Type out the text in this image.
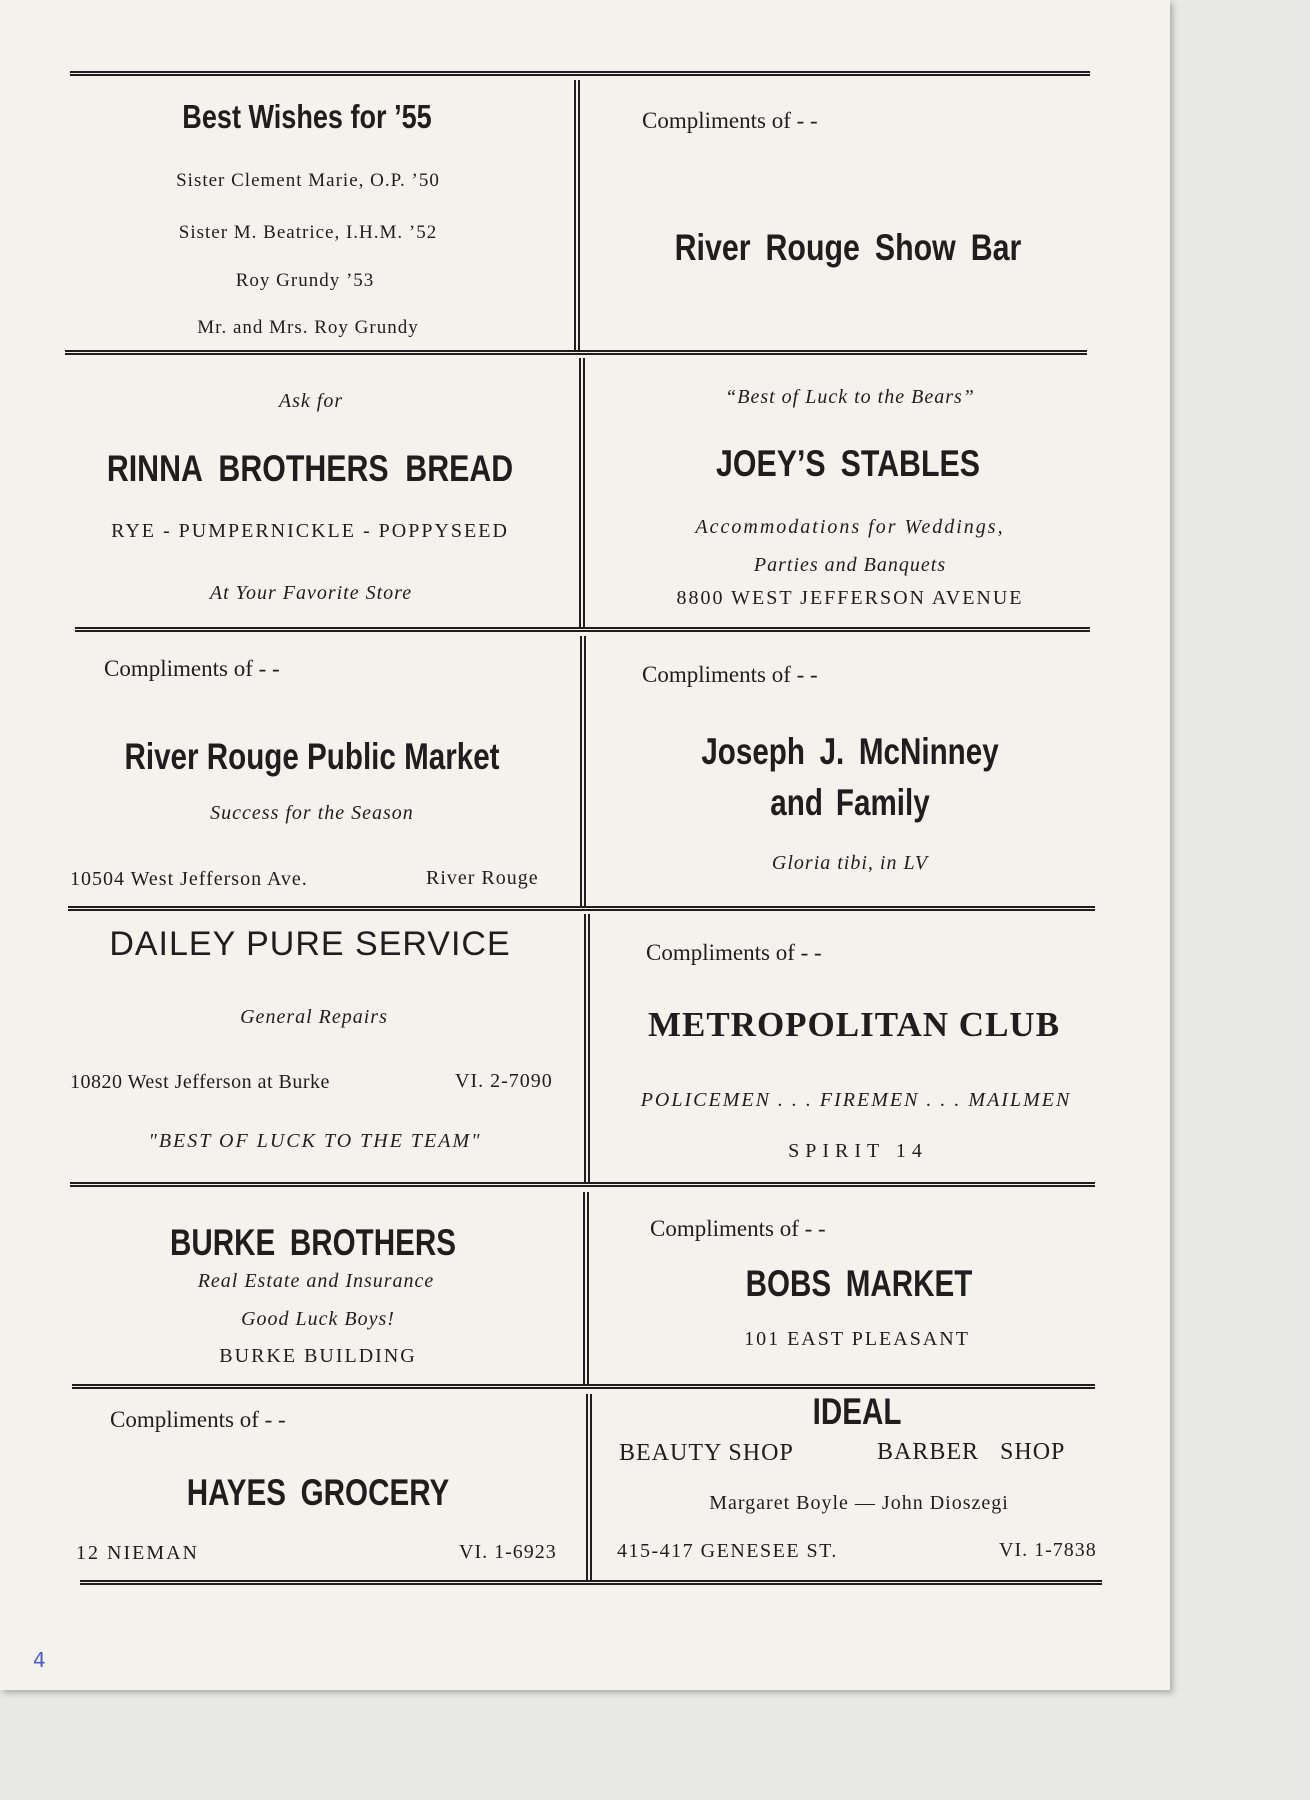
Best Wishes for ’55
Sister Clement Marie, O.P. ’50
Sister M. Beatrice, I.H.M. ’52
Roy Grundy ’53
Mr. and Mrs. Roy Grundy
Compliments of - -
River Rouge Show Bar
Ask for
RINNA BROTHERS BREAD
RYE - PUMPERNICKLE - POPPYSEED
At Your Favorite Store
“Best of Luck to the Bears”
JOEY’S STABLES
Accommodations for Weddings,
Parties and Banquets
8800 WEST JEFFERSON AVENUE
Compliments of - -
River Rouge Public Market
Success for the Season
10504 West Jefferson Ave.	River Rouge
Compliments of - -
Joseph J. McNinney
and Family
Gloria tibi, in LV
DAILEY PURE SERVICE
General Repairs
10820 West Jefferson at Burke	VI. 2-7090
"BEST OF LUCK TO THE TEAM"
Compliments of - -
METROPOLITAN CLUB
POLICEMEN . . . FIREMEN . . . MAILMEN
SPIRIT 14
BURKE BROTHERS
Real Estate and Insurance
Good Luck Boys!
BURKE BUILDING
Compliments of - -
BOBS MARKET
101 EAST PLEASANT
Compliments of - -
HAYES GROCERY
12 NIEMAN	VI. 1-6923
IDEAL
BEAUTY SHOP	BARBER SHOP
Margaret Boyle — John Dioszegi
415-417 GENESEE ST.	VI. 1-7838
4
